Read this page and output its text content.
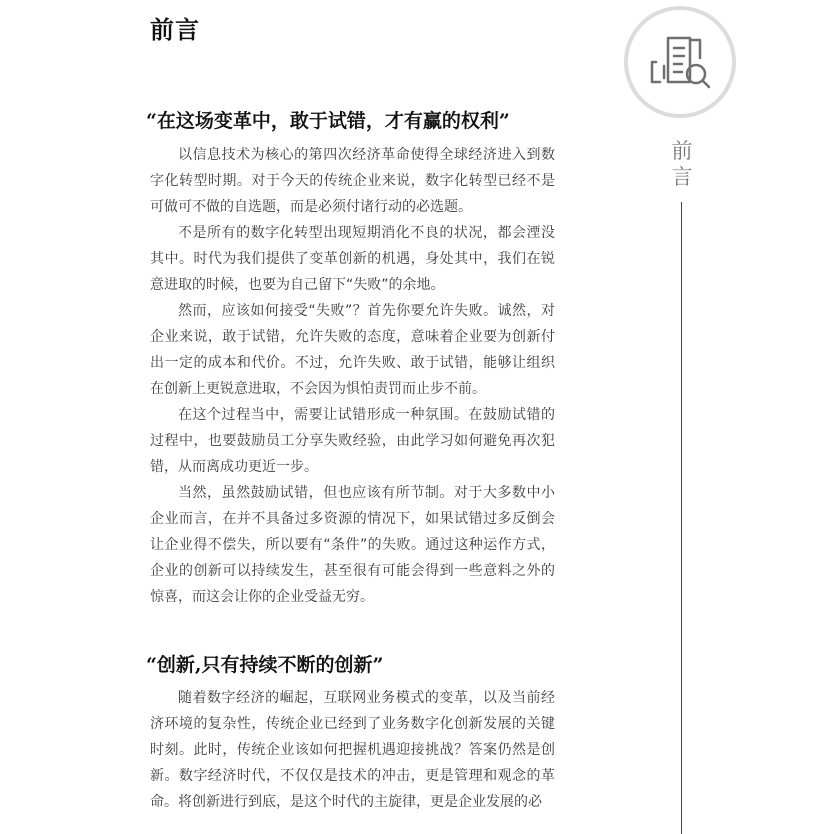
前言
“在这场变革中，敢于试错，才有赢的权利”

以信息技术为核心的第四次经济革命使得全球经济进入到数字化转型时期。对于今天的传统企业来说，数字化转型已经不是可做可不做的自选题，而是必须付诸行动的必选题。

不是所有的数字化转型出现短期消化不良的状况，都会湮没其中。时代为我们提供了变革创新的机遇，身处其中，我们在锐意进取的时候，也要为自己留下“失败”的余地。

然而，应该如何接受“失败”？首先你要允许失败。诚然，对企业来说，敢于试错，允许失败的态度，意味着企业要为创新付出一定的成本和代价。不过，允许失败、敢于试错，能够让组织在创新上更锐意进取，不会因为惧怕责罚而止步不前。

在这个过程当中，需要让试错形成一种氛围。在鼓励试错的过程中，也要鼓励员工分享失败经验，由此学习如何避免再次犯错，从而离成功更近一步。

当然，虽然鼓励试错，但也应该有所节制。对于大多数中小企业而言，在并不具备过多资源的情况下，如果试错过多反倒会让企业得不偿失，所以要有“条件”的失败。通过这种运作方式，企业的创新可以持续发生，甚至很有可能会得到一些意料之外的惊喜，而这会让你的企业受益无穷。

“创新,只有持续不断的创新”

随着数字经济的崛起，互联网业务模式的变革，以及当前经济环境的复杂性，传统企业已经到了业务数字化创新发展的关键时刻。此时，传统企业该如何把握机遇迎接挑战？答案仍然是创新。数字经济时代，不仅仅是技术的冲击，更是管理和观念的革命。将创新进行到底，是这个时代的主旋律，更是企业发展的必

前言
